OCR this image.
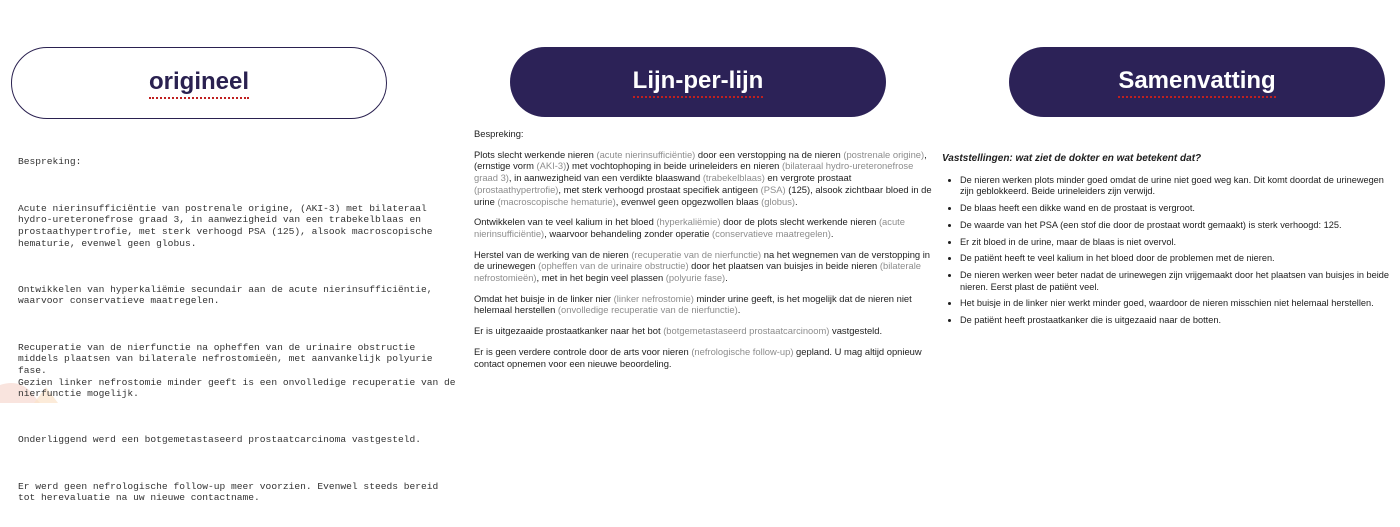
origineel	Lijn-per-lijn	Samenvatting

Bespreking:

Acute nierinsufficiëntie van postrenale origine, (AKI-3) met bilateraal hydro-ureteronefrose graad 3, in aanwezigheid van een trabekelblaas en prostaathypertrofie, met sterk verhoogd PSA (125), alsook macroscopische hematurie, evenwel geen globus.

Ontwikkelen van hyperkaliëmie secundair aan de acute nierinsufficiëntie, waarvoor conservatieve maatregelen.

Recuperatie van de nierfunctie na opheffen van de urinaire obstructie middels plaatsen van bilaterale nefrostomieën, met aanvankelijk polyurie fase.
Gezien linker nefrostomie minder geeft is een onvolledige recuperatie van de nierfunctie mogelijk.

Onderliggend werd een botgemetastaseerd prostaatcarcinoma vastgesteld.

Er werd geen nefrologische follow-up meer voorzien. Evenwel steeds bereid tot herevaluatie na uw nieuwe contactname.

Bespreking:

Plots slecht werkende nieren (acute nierinsufficiëntie) door een verstopping na de nieren (postrenale origine), (ernstige vorm (AKI-3)) met vochtophoping in beide urineleiders en nieren (bilateraal hydro-ureteronefrose graad 3), in aanwezigheid van een verdikte blaaswand (trabekelblaas) en vergrote prostaat (prostaathypertrofie), met sterk verhoogd prostaat specifiek antigeen (PSA) (125), alsook zichtbaar bloed in de urine (macroscopische hematurie), evenwel geen opgezwollen blaas (globus).

Ontwikkelen van te veel kalium in het bloed (hyperkaliëmie) door de plots slecht werkende nieren (acute nierinsufficiëntie), waarvoor behandeling zonder operatie (conservatieve maatregelen).

Herstel van de werking van de nieren (recuperatie van de nierfunctie) na het wegnemen van de verstopping in de urinewegen (opheffen van de urinaire obstructie) door het plaatsen van buisjes in beide nieren (bilaterale nefrostomieën), met in het begin veel plassen (polyurie fase).

Omdat het buisje in de linker nier (linker nefrostomie) minder urine geeft, is het mogelijk dat de nieren niet helemaal herstellen (onvolledige recuperatie van de nierfunctie).

Er is uitgezaaide prostaatkanker naar het bot (botgemetastaseerd prostaatcarcinoom) vastgesteld.

Er is geen verdere controle door de arts voor nieren (nefrologische follow-up) gepland. U mag altijd opnieuw contact opnemen voor een nieuwe beoordeling.

Vaststellingen: wat ziet de dokter en wat betekent dat?
• De nieren werken plots minder goed omdat de urine niet goed weg kan. Dit komt doordat de urinewegen zijn geblokkeerd. Beide urineleiders zijn verwijd.
• De blaas heeft een dikke wand en de prostaat is vergroot.
• De waarde van het PSA (een stof die door de prostaat wordt gemaakt) is sterk verhoogd: 125.
• Er zit bloed in de urine, maar de blaas is niet overvol.
• De patiënt heeft te veel kalium in het bloed door de problemen met de nieren.
• De nieren werken weer beter nadat de urinewegen zijn vrijgemaakt door het plaatsen van buisjes in beide nieren. Eerst plast de patiënt veel.
• Het buisje in de linker nier werkt minder goed, waardoor de nieren misschien niet helemaal herstellen.
• De patiënt heeft prostaatkanker die is uitgezaaid naar de botten.
